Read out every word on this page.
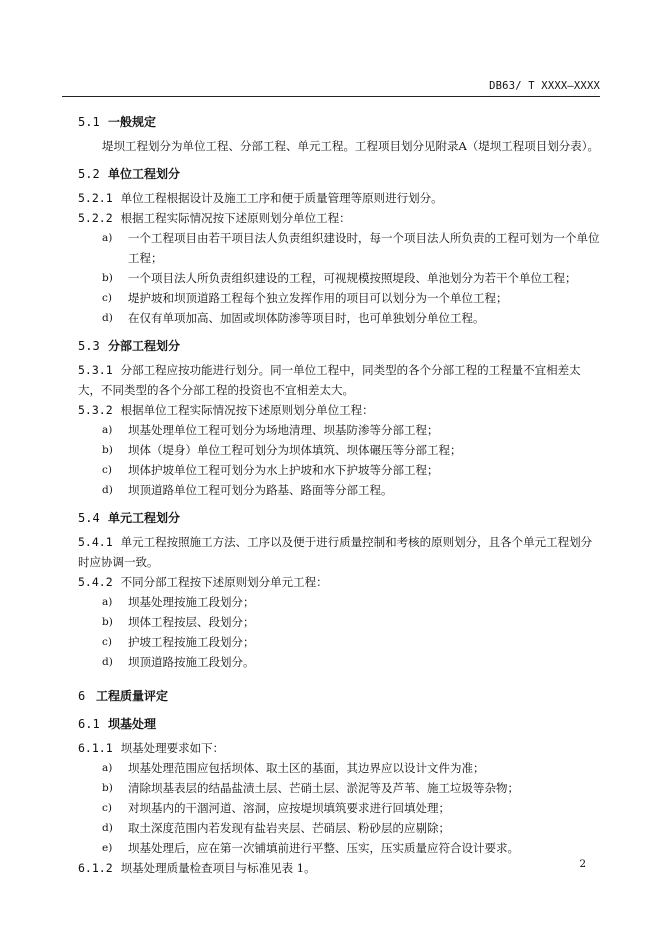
DB63/ T XXXX—XXXX
5.1 一般规定
堤坝工程划分为单位工程、分部工程、单元工程。工程项目划分见附录A（堤坝工程项目划分表）。
5.2 单位工程划分
5.2.1 单位工程根据设计及施工工序和便于质量管理等原则进行划分。
5.2.2 根据工程实际情况按下述原则划分单位工程：
a)	一个工程项目由若干项目法人负责组织建设时，每一个项目法人所负责的工程可划为一个单位工程；
b)	一个项目法人所负责组织建设的工程，可视规模按照堤段、单池划分为若干个单位工程；
c)	堤护坡和坝顶道路工程每个独立发挥作用的项目可以划分为一个单位工程；
d)	在仅有单项加高、加固或坝体防渗等项目时，也可单独划分单位工程。
5.3 分部工程划分
5.3.1 分部工程应按功能进行划分。同一单位工程中，同类型的各个分部工程的工程量不宜相差太大，不同类型的各个分部工程的投资也不宜相差太大。
5.3.2 根据单位工程实际情况按下述原则划分单位工程：
a)	坝基处理单位工程可划分为场地清理、坝基防渗等分部工程；
b)	坝体（堤身）单位工程可划分为坝体填筑、坝体碾压等分部工程；
c)	坝体护坡单位工程可划分为水上护坡和水下护坡等分部工程；
d)	坝顶道路单位工程可划分为路基、路面等分部工程。
5.4 单元工程划分
5.4.1 单元工程按照施工方法、工序以及便于进行质量控制和考核的原则划分，且各个单元工程划分时应协调一致。
5.4.2 不同分部工程按下述原则划分单元工程：
a)	坝基处理按施工段划分；
b)	坝体工程按层、段划分；
c)	护坡工程按施工段划分；
d)	坝顶道路按施工段划分。
6 工程质量评定
6.1 坝基处理
6.1.1 坝基处理要求如下：
a)	坝基处理范围应包括坝体、取土区的基面，其边界应以设计文件为准；
b)	清除坝基表层的结晶盐渍土层、芒硝土层、淤泥等及芦苇、施工垃圾等杂物；
c)	对坝基内的干涸河道、溶洞，应按堤坝填筑要求进行回填处理；
d)	取土深度范围内若发现有盐岩夹层、芒硝层、粉砂层的应剔除；
e)	坝基处理后，应在第一次铺填前进行平整、压实，压实质量应符合设计要求。
6.1.2 坝基处理质量检查项目与标准见表 1。	2
